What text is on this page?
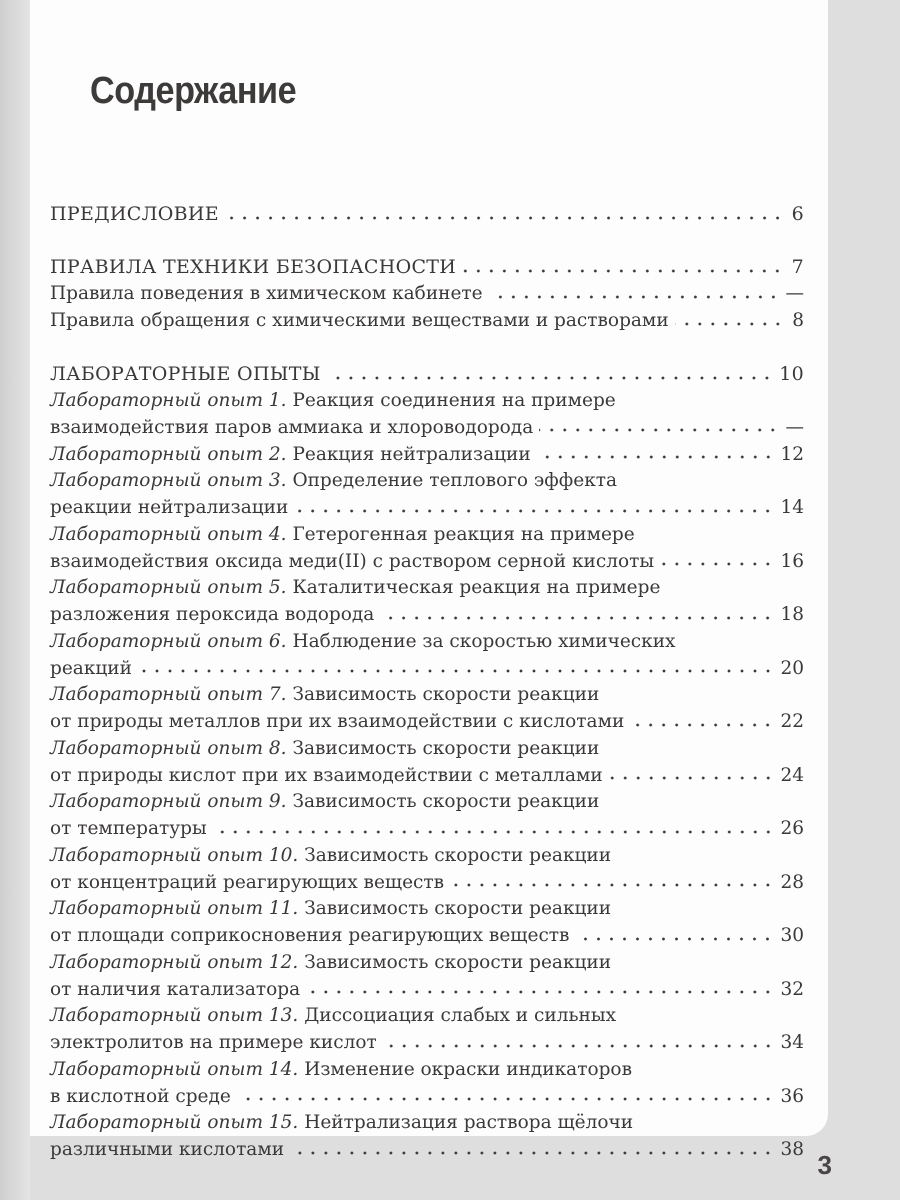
Содержание
ПРЕДИСЛОВИЕ	6
ПРАВИЛА ТЕХНИКИ БЕЗОПАСНОСТИ	7
Правила поведения в химическом кабинете	—
Правила обращения с химическими веществами и растворами	8
ЛАБОРАТОРНЫЕ ОПЫТЫ	10
Лабораторный опыт 1. Реакция соединения на примере
взаимодействия паров аммиака и хлороводорода	—
Лабораторный опыт 2. Реакция нейтрализации	12
Лабораторный опыт 3. Определение теплового эффекта
реакции нейтрализации	14
Лабораторный опыт 4. Гетерогенная реакция на примере
взаимодействия оксида меди(II) с раствором серной кислоты	16
Лабораторный опыт 5. Каталитическая реакция на примере
разложения пероксида водорода	18
Лабораторный опыт 6. Наблюдение за скоростью химических
реакций	20
Лабораторный опыт 7. Зависимость скорости реакции
от природы металлов при их взаимодействии с кислотами	22
Лабораторный опыт 8. Зависимость скорости реакции
от природы кислот при их взаимодействии с металлами	24
Лабораторный опыт 9. Зависимость скорости реакции
от температуры	26
Лабораторный опыт 10. Зависимость скорости реакции
от концентраций реагирующих веществ	28
Лабораторный опыт 11. Зависимость скорости реакции
от площади соприкосновения реагирующих веществ	30
Лабораторный опыт 12. Зависимость скорости реакции
от наличия катализатора	32
Лабораторный опыт 13. Диссоциация слабых и сильных
электролитов на примере кислот	34
Лабораторный опыт 14. Изменение окраски индикаторов
в кислотной среде	36
Лабораторный опыт 15. Нейтрализация раствора щёлочи
различными кислотами	38
3
